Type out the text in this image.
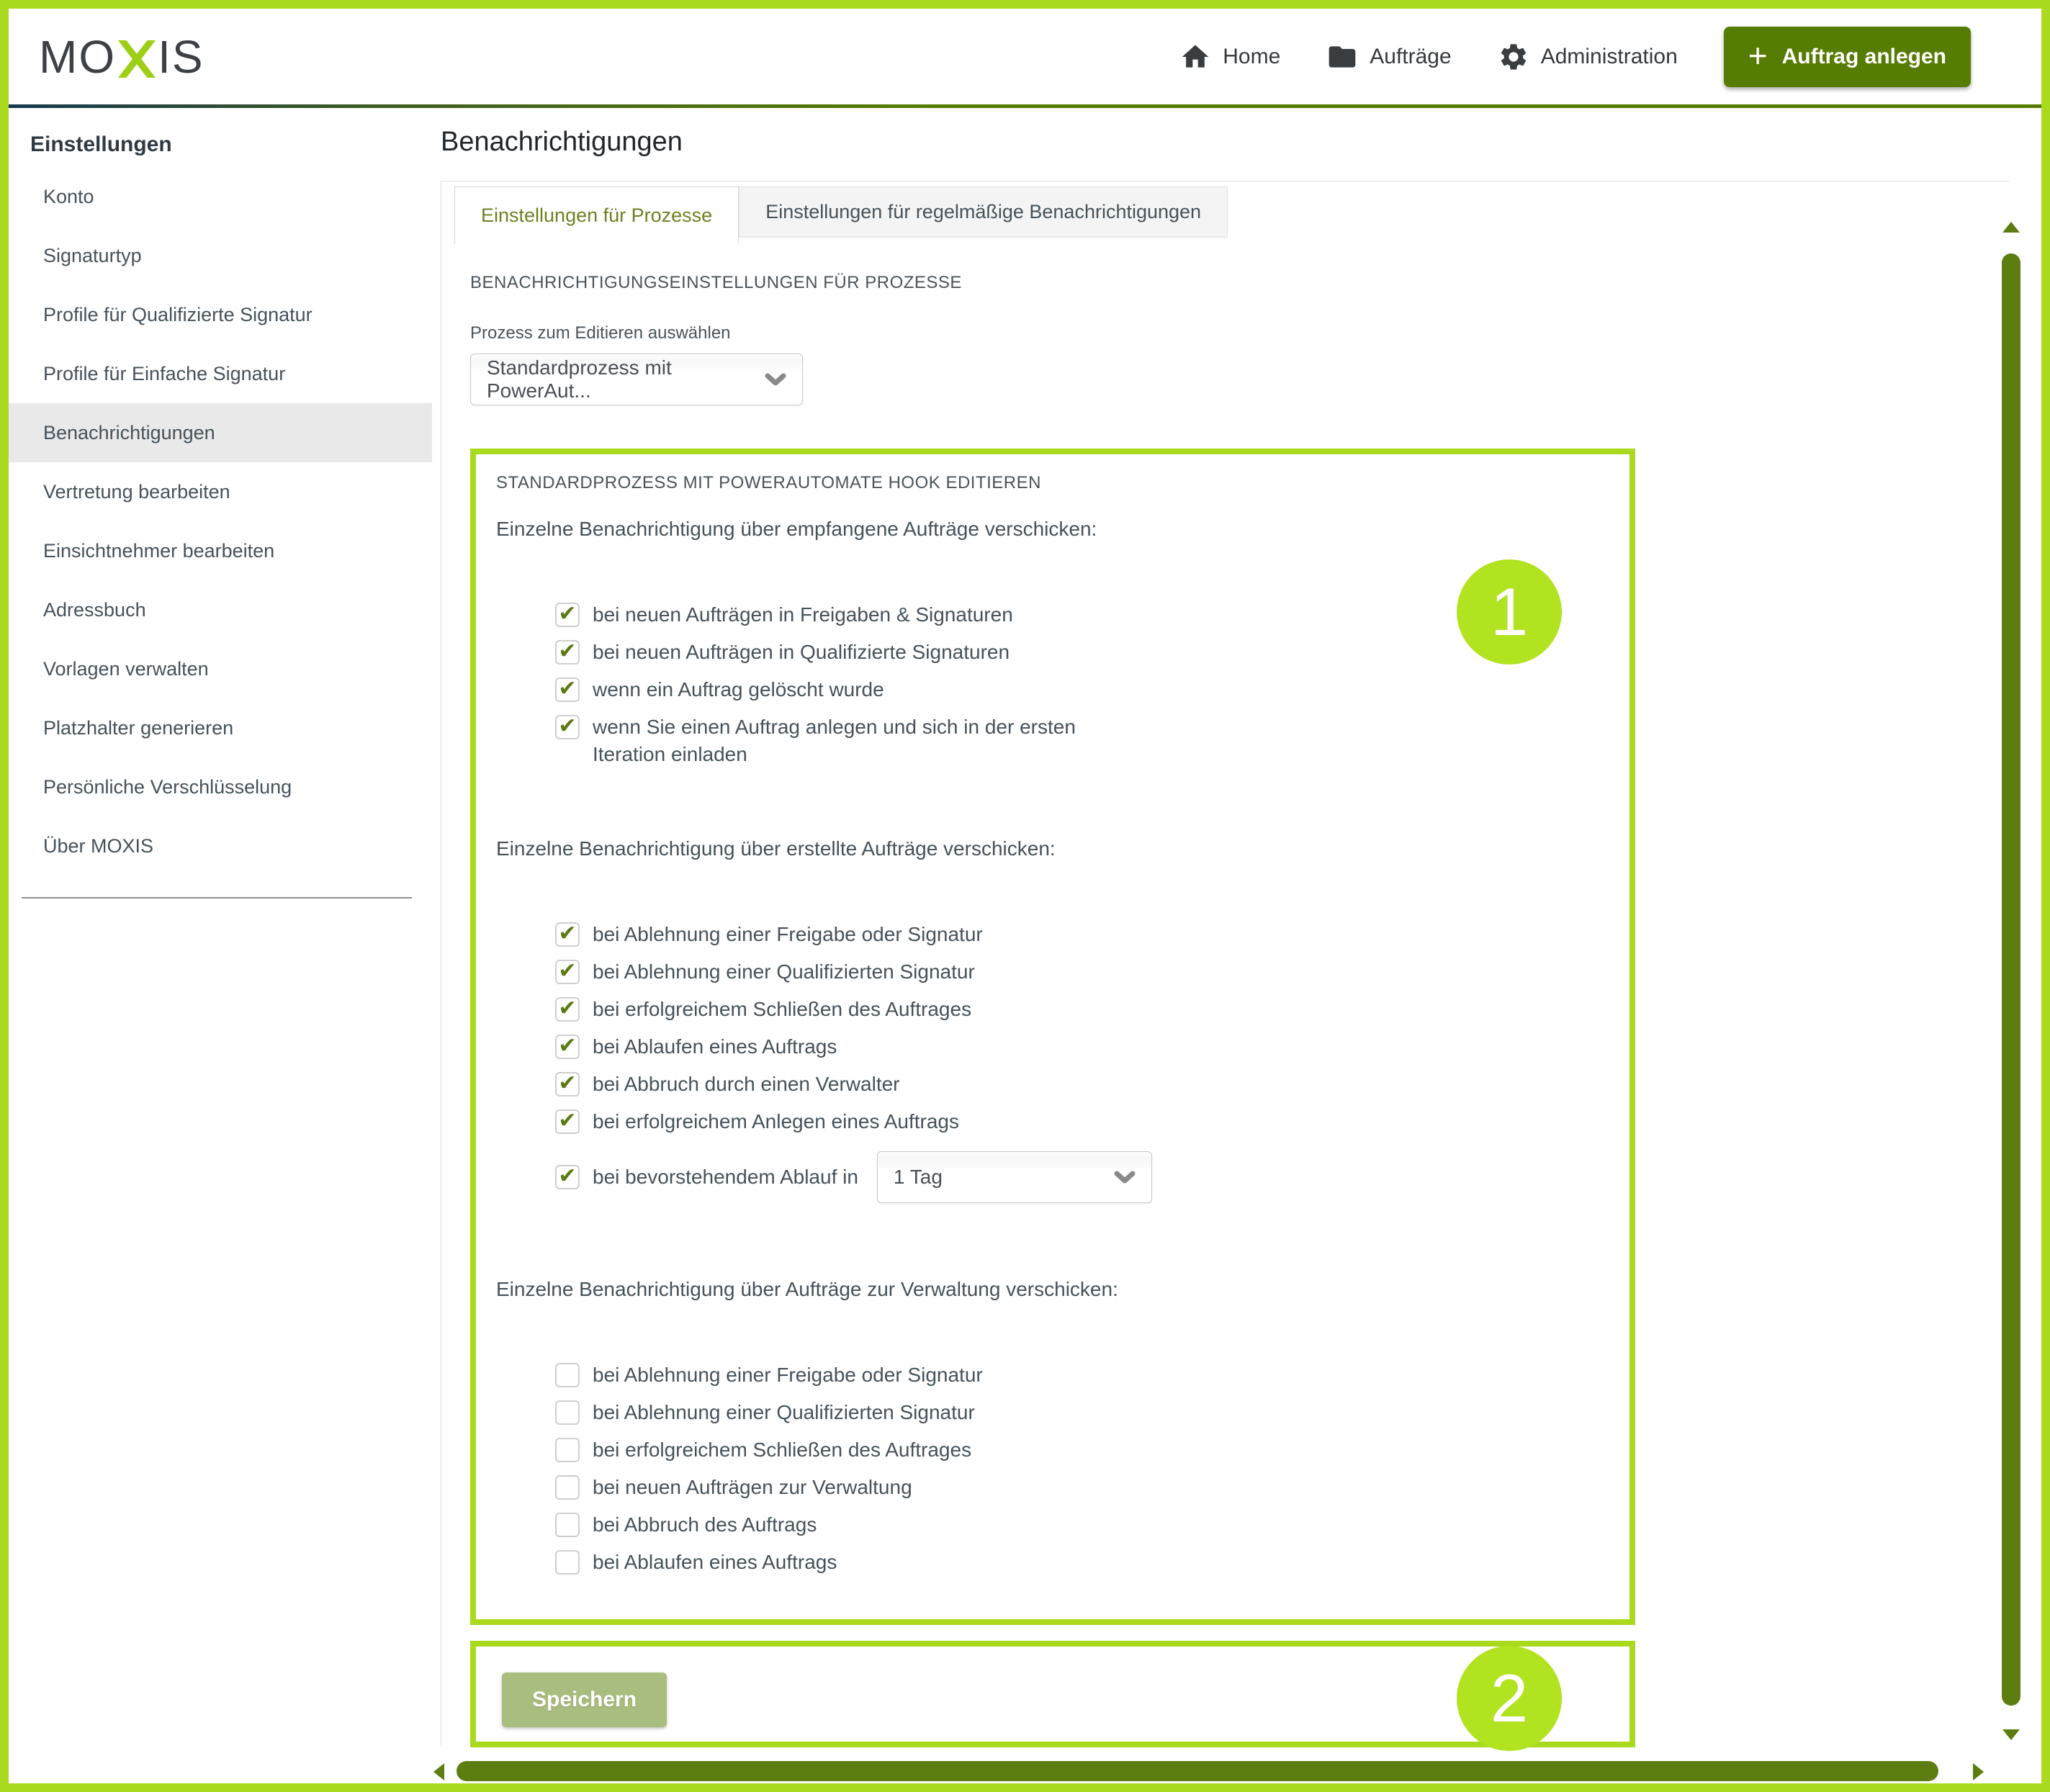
MO IS	Home	Aufträge	Administration + Auftrag anlegen
Einstellungen
Konto
Signaturtyp
Profile für Qualifizierte Signatur
Profile für Einfache Signatur
Benachrichtigungen
Vertretung bearbeiten
Einsichtnehmer bearbeiten
Adressbuch
Vorlagen verwalten
Platzhalter generieren
Persönliche Verschlüsselung
Über MOXIS
Benachrichtigungen
Einstellungen für Prozesse	Einstellungen für regelmäßige Benachrichtigungen
BENACHRICHTIGUNGSEINSTELLUNGEN FÜR PROZESSE
Prozess zum Editieren auswählen
Standardprozess mit PowerAut...
STANDARDPROZESS MIT POWERAUTOMATE HOOK EDITIEREN
Einzelne Benachrichtigung über empfangene Aufträge verschicken:
✔ bei neuen Aufträgen in Freigaben & Signaturen
✔ bei neuen Aufträgen in Qualifizierte Signaturen
✔ wenn ein Auftrag gelöscht wurde
✔ wenn Sie einen Auftrag anlegen und sich in der ersten Iteration einladen
Einzelne Benachrichtigung über erstellte Aufträge verschicken:
✔ bei Ablehnung einer Freigabe oder Signatur
✔ bei Ablehnung einer Qualifizierten Signatur
✔ bei erfolgreichem Schließen des Auftrages
✔ bei Ablaufen eines Auftrags
✔ bei Abbruch durch einen Verwalter
✔ bei erfolgreichem Anlegen eines Auftrags
✔ bei bevorstehendem Ablauf in 1 Tag
Einzelne Benachrichtigung über Aufträge zur Verwaltung verschicken:
bei Ablehnung einer Freigabe oder Signatur
bei Ablehnung einer Qualifizierten Signatur
bei erfolgreichem Schließen des Auftrages
bei neuen Aufträgen zur Verwaltung
bei Abbruch des Auftrags
bei Ablaufen eines Auftrags
1
Speichern	2
